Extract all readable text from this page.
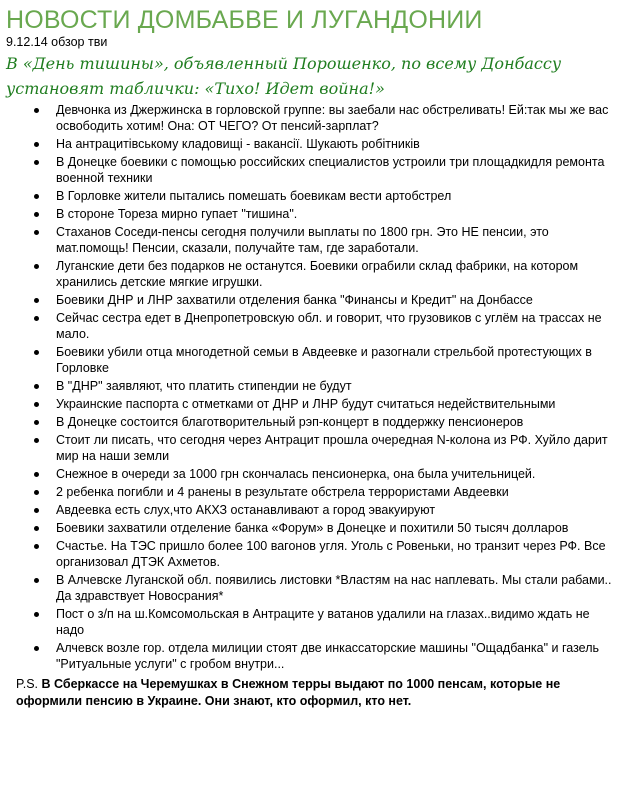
НОВОСТИ ДОМБАБВЕ И ЛУГАНДОНИИ
9.12.14 обзор тви
В «День тишины», объявленный Порошенко, по всему Донбассу установят таблички: «Тихо! Идет война!»
Девчонка из Джержинска в горловской группе: вы заебали нас обстреливать! Ей:так мы же вас освободить хотим! Она: ОТ ЧЕГО? От пенсий-зарплат?
На антрацитівському кладовищі - вакансії. Шукають робітників
В Донецке боевики с помощью российских специалистов устроили три площадкидля ремонта военной техники
В Горловке жители пытались помешать боевикам вести артобстрел
В стороне Тореза мирно гупает "тишина".
Стаханов Соседи-пенсы сегодня получили выплаты по 1800 грн. Это НЕ пенсии, это мат.помощь! Пенсии, сказали, получайте там, где заработали.
Луганские дети без подарков не останутся. Боевики ограбили склад фабрики, на котором хранились детские мягкие игрушки.
Боевики ДНР и ЛНР захватили отделения банка "Финансы и Кредит" на Донбассе
Сейчас сестра едет в Днепропетровскую обл. и говорит, что грузовиков с углём на трассах не мало.
Боевики убили отца многодетной семьи в Авдеевке и разогнали стрельбой протестующих в Горловке
В "ДНР" заявляют, что платить стипендии не будут
Украинские паспорта с отметками от ДНР и ЛНР будут считаться недействительными
В Донецке состоится благотворительный рэп-концерт в поддержку пенсионеров
Стоит ли писать, что сегодня через Антрацит прошла очередная N-колона из РФ. Хуйло дарит мир на наши земли
Снежное в очереди за 1000 грн скончалась пенсионерка, она была учительницей.
2 ребенка погибли и 4 ранены в результате обстрела террористами Авдеевки
Авдеевка есть слух,что АКХЗ останавливают а город эвакуируют
Боевики захватили отделение банка «Форум» в Донецке и похитили 50 тысяч долларов
Счастье. На ТЭС пришло более 100 вагонов угля. Уголь с Ровеньки, но транзит через РФ. Все организовал ДТЭК Ахметов.
В Алчевске Луганской обл. появились листовки *Властям на нас наплевать. Мы стали рабами.. Да здравствует Новосрания*
Пост о з/п на ш.Комсомольская в Антраците у ватанов удалили на глазах..видимо ждать не надо
Алчевск возле гор. отдела милиции стоят две инкассаторские машины "Ощадбанка" и газель "Ритуальные услуги" с гробом внутри...
P.S. В Сберкассе на Черемушках в Снежном терры выдают по 1000 пенсам, которые не оформили пенсию в Украине. Они знают, кто оформил, кто нет.
